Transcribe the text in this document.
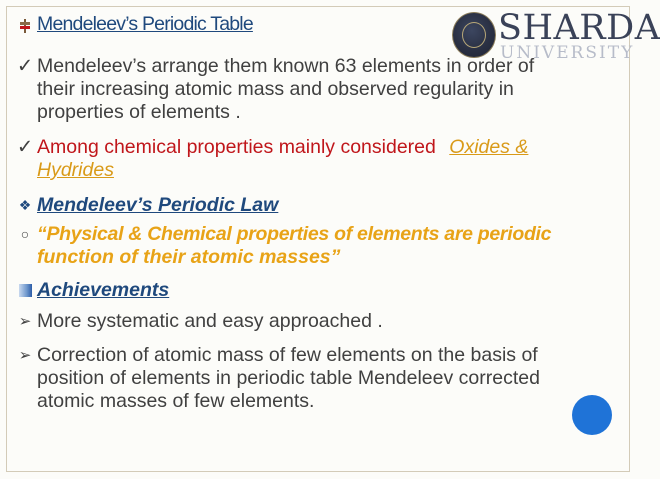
SHARDA
UNIVERSITY
Mendeleev’s Periodic Table
✓ Mendeleev’s arrange them known 63 elements in order of
their increasing atomic mass and observed regularity in
properties of elements .
✓ Among chemical properties mainly considered Oxides &
Hydrides
❖ Mendeleev’s Periodic Law
○ “Physical & Chemical properties of elements are periodic
function of their atomic masses”
Achievements
➢ More systematic and easy approached .
➢ Correction of atomic mass of few elements on the basis of
position of elements in periodic table Mendeleev corrected
atomic masses of few elements.
